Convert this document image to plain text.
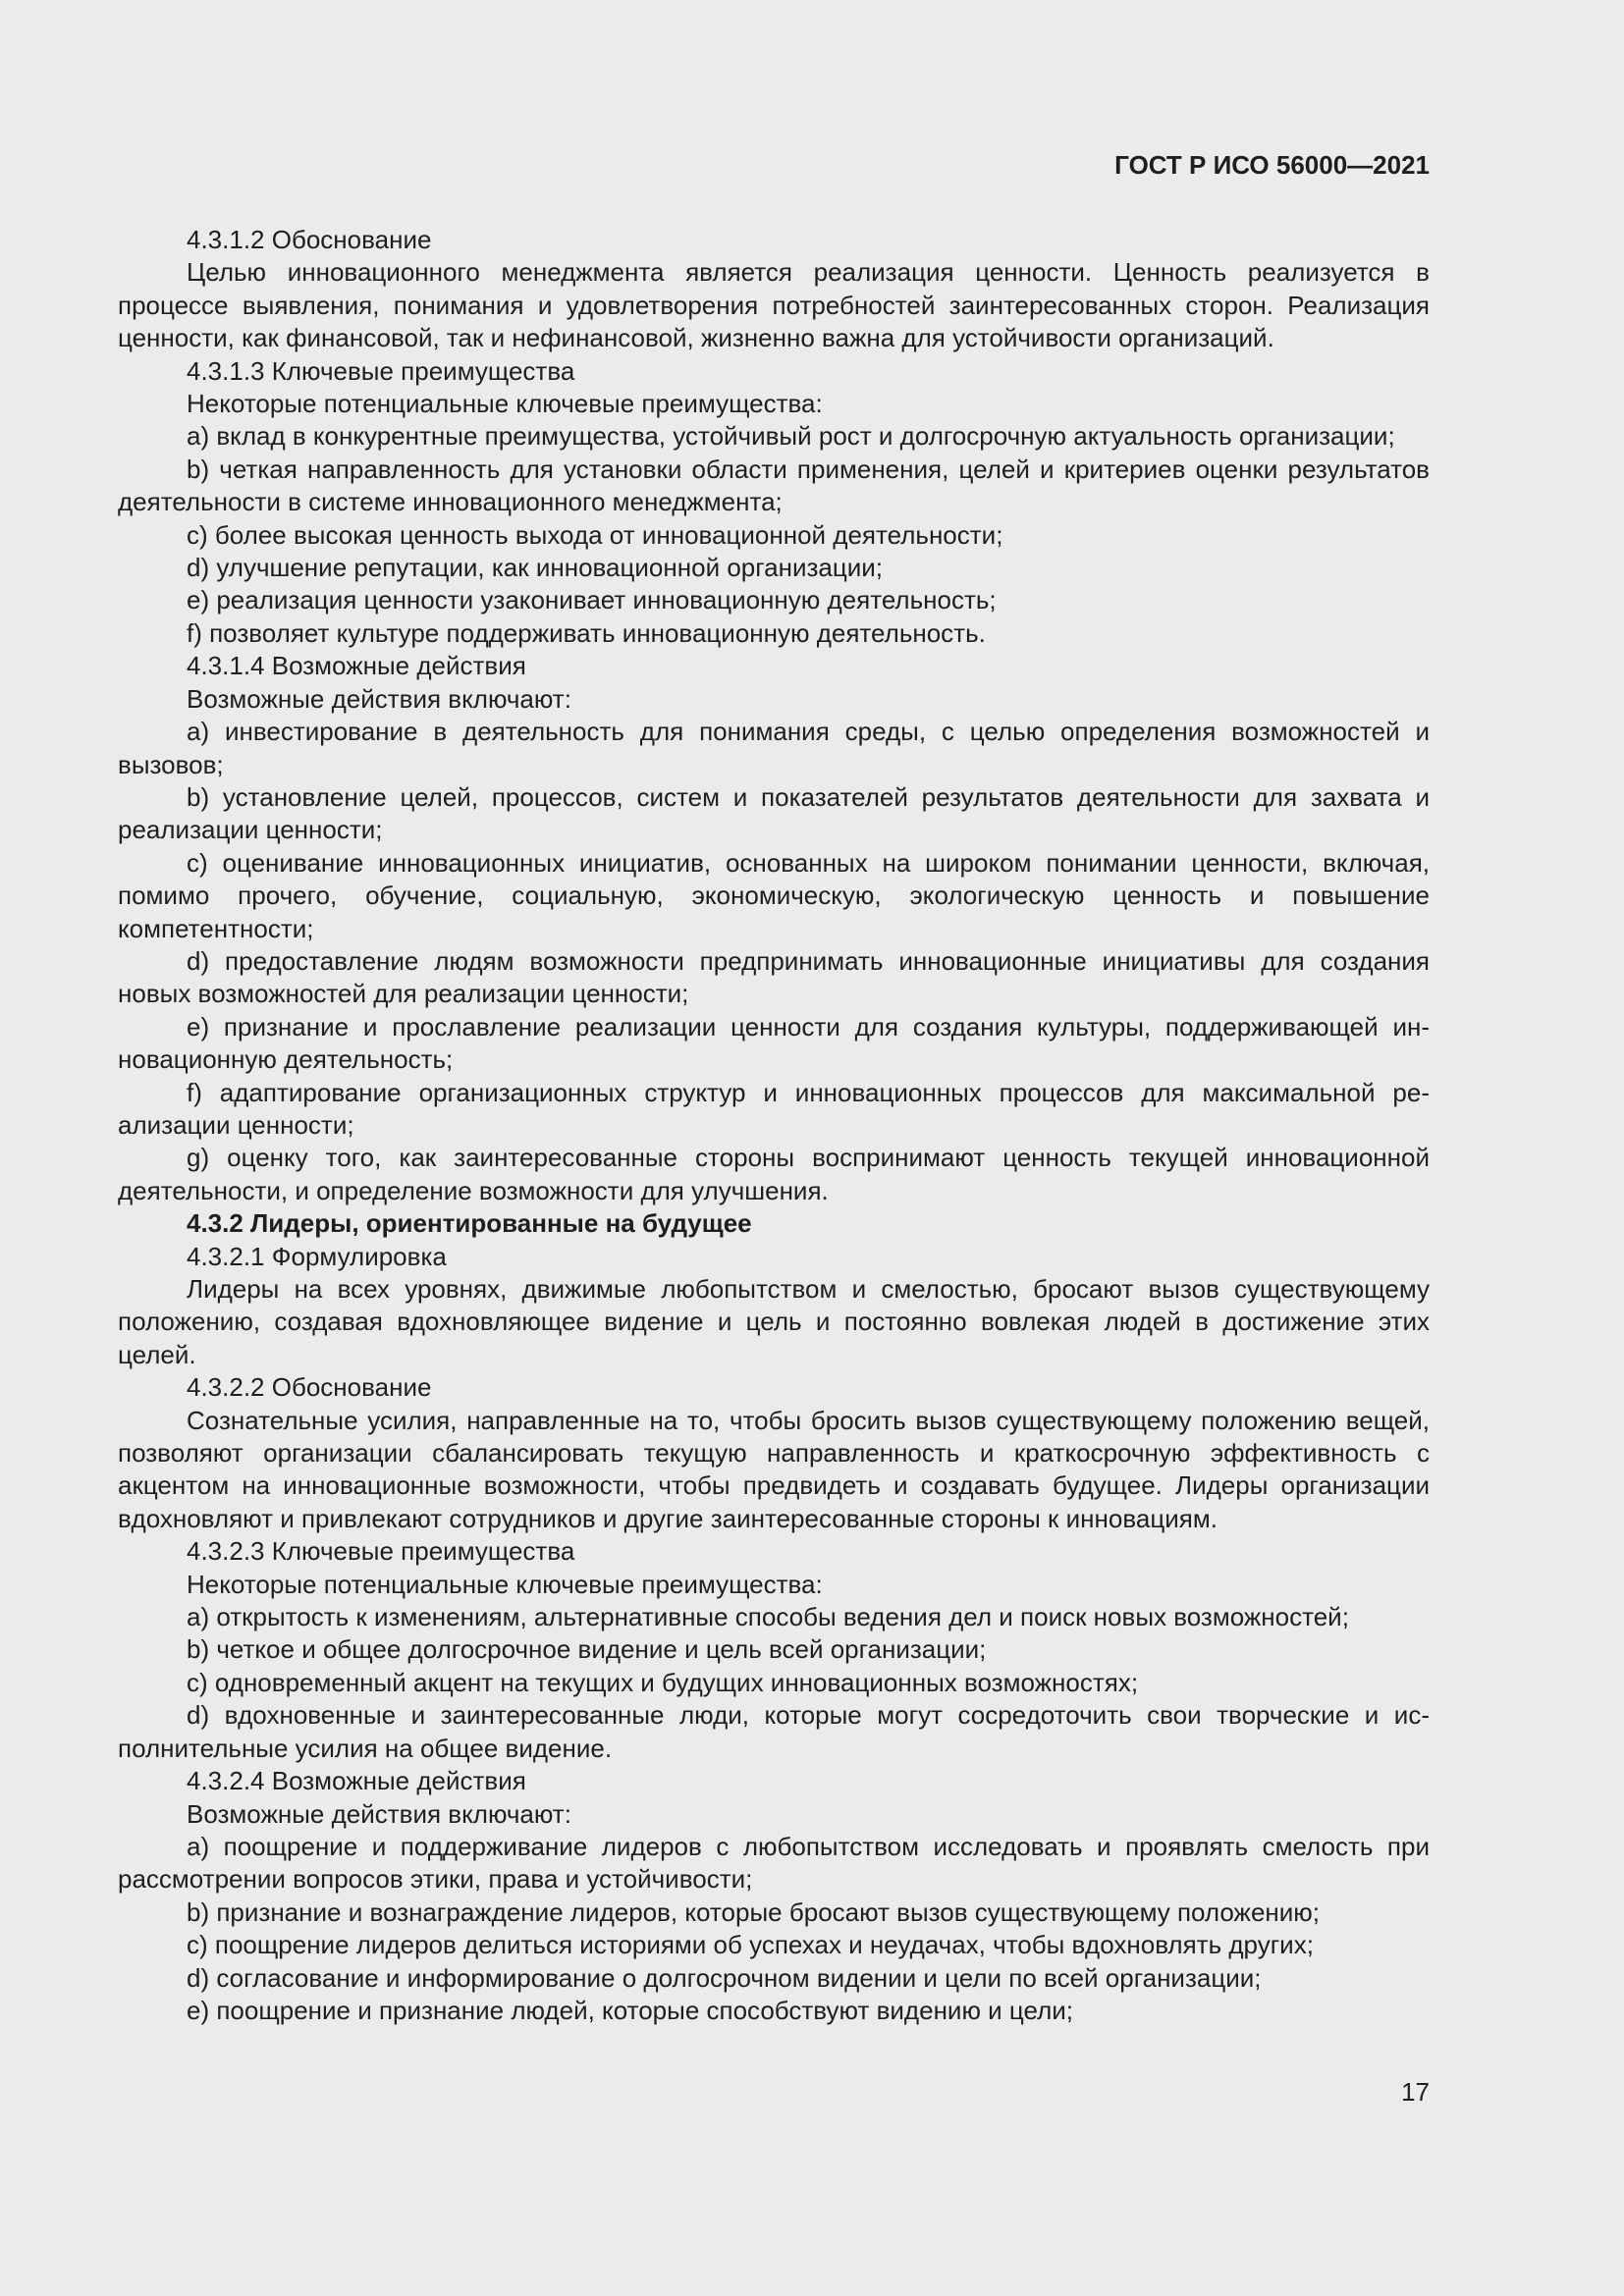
ГОСТ Р ИСО 56000—2021

4.3.1.2 Обоснование

Целью инновационного менеджмента является реализация ценности. Ценность реализуется в процессе выявления, понимания и удовлетворения потребностей заинтересованных сторон. Реализация ценности, как финансовой, так и нефинансовой, жизненно важна для устойчивости организаций.

4.3.1.3 Ключевые преимущества

Некоторые потенциальные ключевые преимущества:

a) вклад в конкурентные преимущества, устойчивый рост и долгосрочную актуальность организации;

b) четкая направленность для установки области применения, целей и критериев оценки результатов деятельности в системе инновационного менеджмента;

c) более высокая ценность выхода от инновационной деятельности;

d) улучшение репутации, как инновационной организации;

e) реализация ценности узаконивает инновационную деятельность;

f) позволяет культуре поддерживать инновационную деятельность.

4.3.1.4 Возможные действия

Возможные действия включают:

a) инвестирование в деятельность для понимания среды, с целью определения возможностей и вызовов;

b) установление целей, процессов, систем и показателей результатов деятельности для захвата и реализации ценности;

c) оценивание инновационных инициатив, основанных на широком понимании ценности, включая, помимо прочего, обучение, социальную, экономическую, экологическую ценность и повышение компетентности;

d) предоставление людям возможности предпринимать инновационные инициативы для создания новых возможностей для реализации ценности;

e) признание и прославление реализации ценности для создания культуры, поддерживающей инновационную деятельность;

f) адаптирование организационных структур и инновационных процессов для максимальной реализации ценности;

g) оценку того, как заинтересованные стороны воспринимают ценность текущей инновационной деятельности, и определение возможности для улучшения.

4.3.2 Лидеры, ориентированные на будущее

4.3.2.1 Формулировка

Лидеры на всех уровнях, движимые любопытством и смелостью, бросают вызов существующему положению, создавая вдохновляющее видение и цель и постоянно вовлекая людей в достижение этих целей.

4.3.2.2 Обоснование

Сознательные усилия, направленные на то, чтобы бросить вызов существующему положению вещей, позволяют организации сбалансировать текущую направленность и краткосрочную эффективность с акцентом на инновационные возможности, чтобы предвидеть и создавать будущее. Лидеры организации вдохновляют и привлекают сотрудников и другие заинтересованные стороны к инновациям.

4.3.2.3 Ключевые преимущества

Некоторые потенциальные ключевые преимущества:

a) открытость к изменениям, альтернативные способы ведения дел и поиск новых возможностей;

b) четкое и общее долгосрочное видение и цель всей организации;

c) одновременный акцент на текущих и будущих инновационных возможностях;

d) вдохновенные и заинтересованные люди, которые могут сосредоточить свои творческие и исполнительные усилия на общее видение.

4.3.2.4 Возможные действия

Возможные действия включают:

a) поощрение и поддерживание лидеров с любопытством исследовать и проявлять смелость при рассмотрении вопросов этики, права и устойчивости;

b) признание и вознаграждение лидеров, которые бросают вызов существующему положению;

c) поощрение лидеров делиться историями об успехах и неудачах, чтобы вдохновлять других;

d) согласование и информирование о долгосрочном видении и цели по всей организации;

e) поощрение и признание людей, которые способствуют видению и цели;

17
